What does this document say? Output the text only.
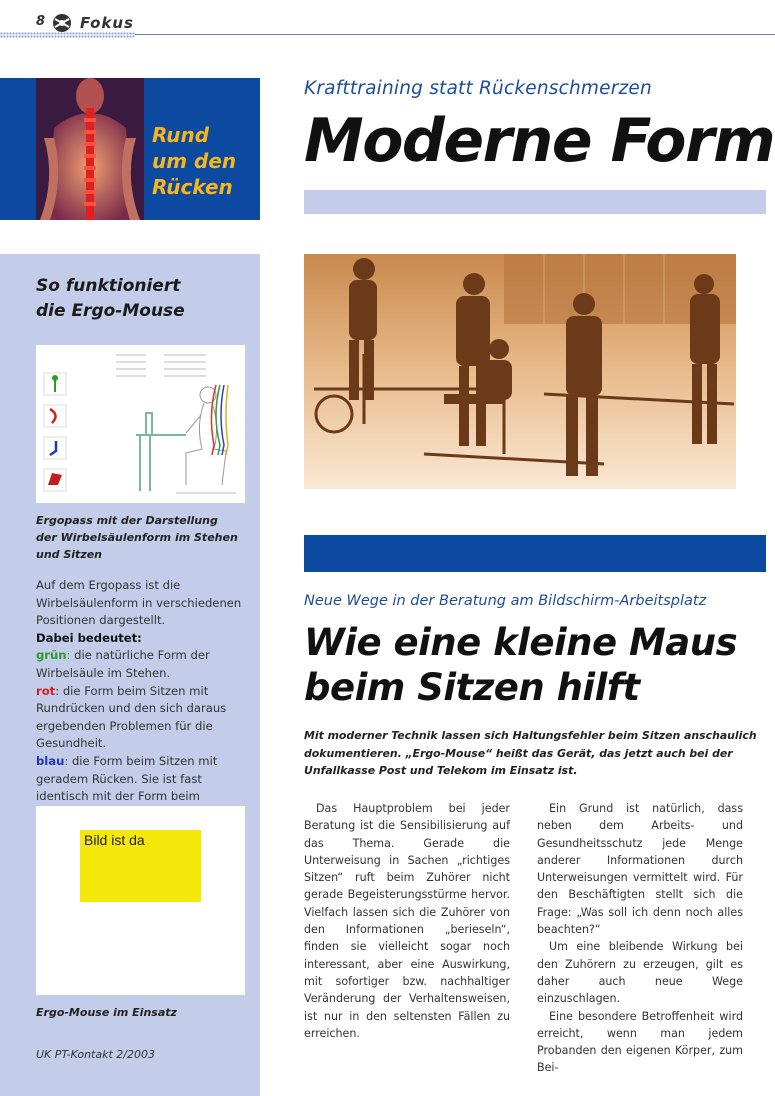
8 Fokus
Rund
um den
Rücken
So funktioniert
die Ergo-Mouse
Ergopass mit der Darstellung
der Wirbelsäulenform im Stehen
und Sitzen
Auf dem Ergopass ist die Wirbelsäulenform in verschiedenen Positionen dargestellt.
Dabei bedeutet:
grün: die natürliche Form der Wirbelsäule im Stehen.
rot: die Form beim Sitzen mit Rundrücken und den sich daraus ergebenden Problemen für die Gesundheit.
blau: die Form beim Sitzen mit geradem Rücken. Sie ist fast identisch mit der Form beim
Bild ist da
Ergo-Mouse im Einsatz
UK PT-Kontakt 2/2003
Krafttraining statt Rückenschmerzen
Moderne Form
Neue Wege in der Beratung am Bildschirm-Arbeitsplatz
Wie eine kleine Maus
beim Sitzen hilft
Mit moderner Technik lassen sich Haltungsfehler beim Sitzen anschaulich dokumentieren. „Ergo-Mouse“ heißt das Gerät, das jetzt auch bei der Unfallkasse Post und Telekom im Einsatz ist.

Das Hauptproblem bei jeder Beratung ist die Sensibilisierung auf das Thema. Gerade die Unterweisung in Sachen „richtiges Sitzen“ ruft beim Zuhörer nicht gerade Begeisterungsstürme hervor. Vielfach lassen sich die Zuhörer von den Informationen „berieseln“, finden sie vielleicht sogar noch interessant, aber eine Auswirkung, mit sofortiger bzw. nachhaltiger Veränderung der Verhaltensweisen, ist nur in den seltensten Fällen zu erreichen.

Ein Grund ist natürlich, dass neben dem Arbeits- und Gesundheitsschutz jede Menge anderer Informationen durch Unterweisungen vermittelt wird. Für den Beschäftigten stellt sich die Frage: „Was soll ich denn noch alles beachten?“

Um eine bleibende Wirkung bei den Zuhörern zu erzeugen, gilt es daher auch neue Wege einzuschlagen.

Eine besondere Betroffenheit wird erreicht, wenn man jedem Probanden den eigenen Körper, zum Bei-
